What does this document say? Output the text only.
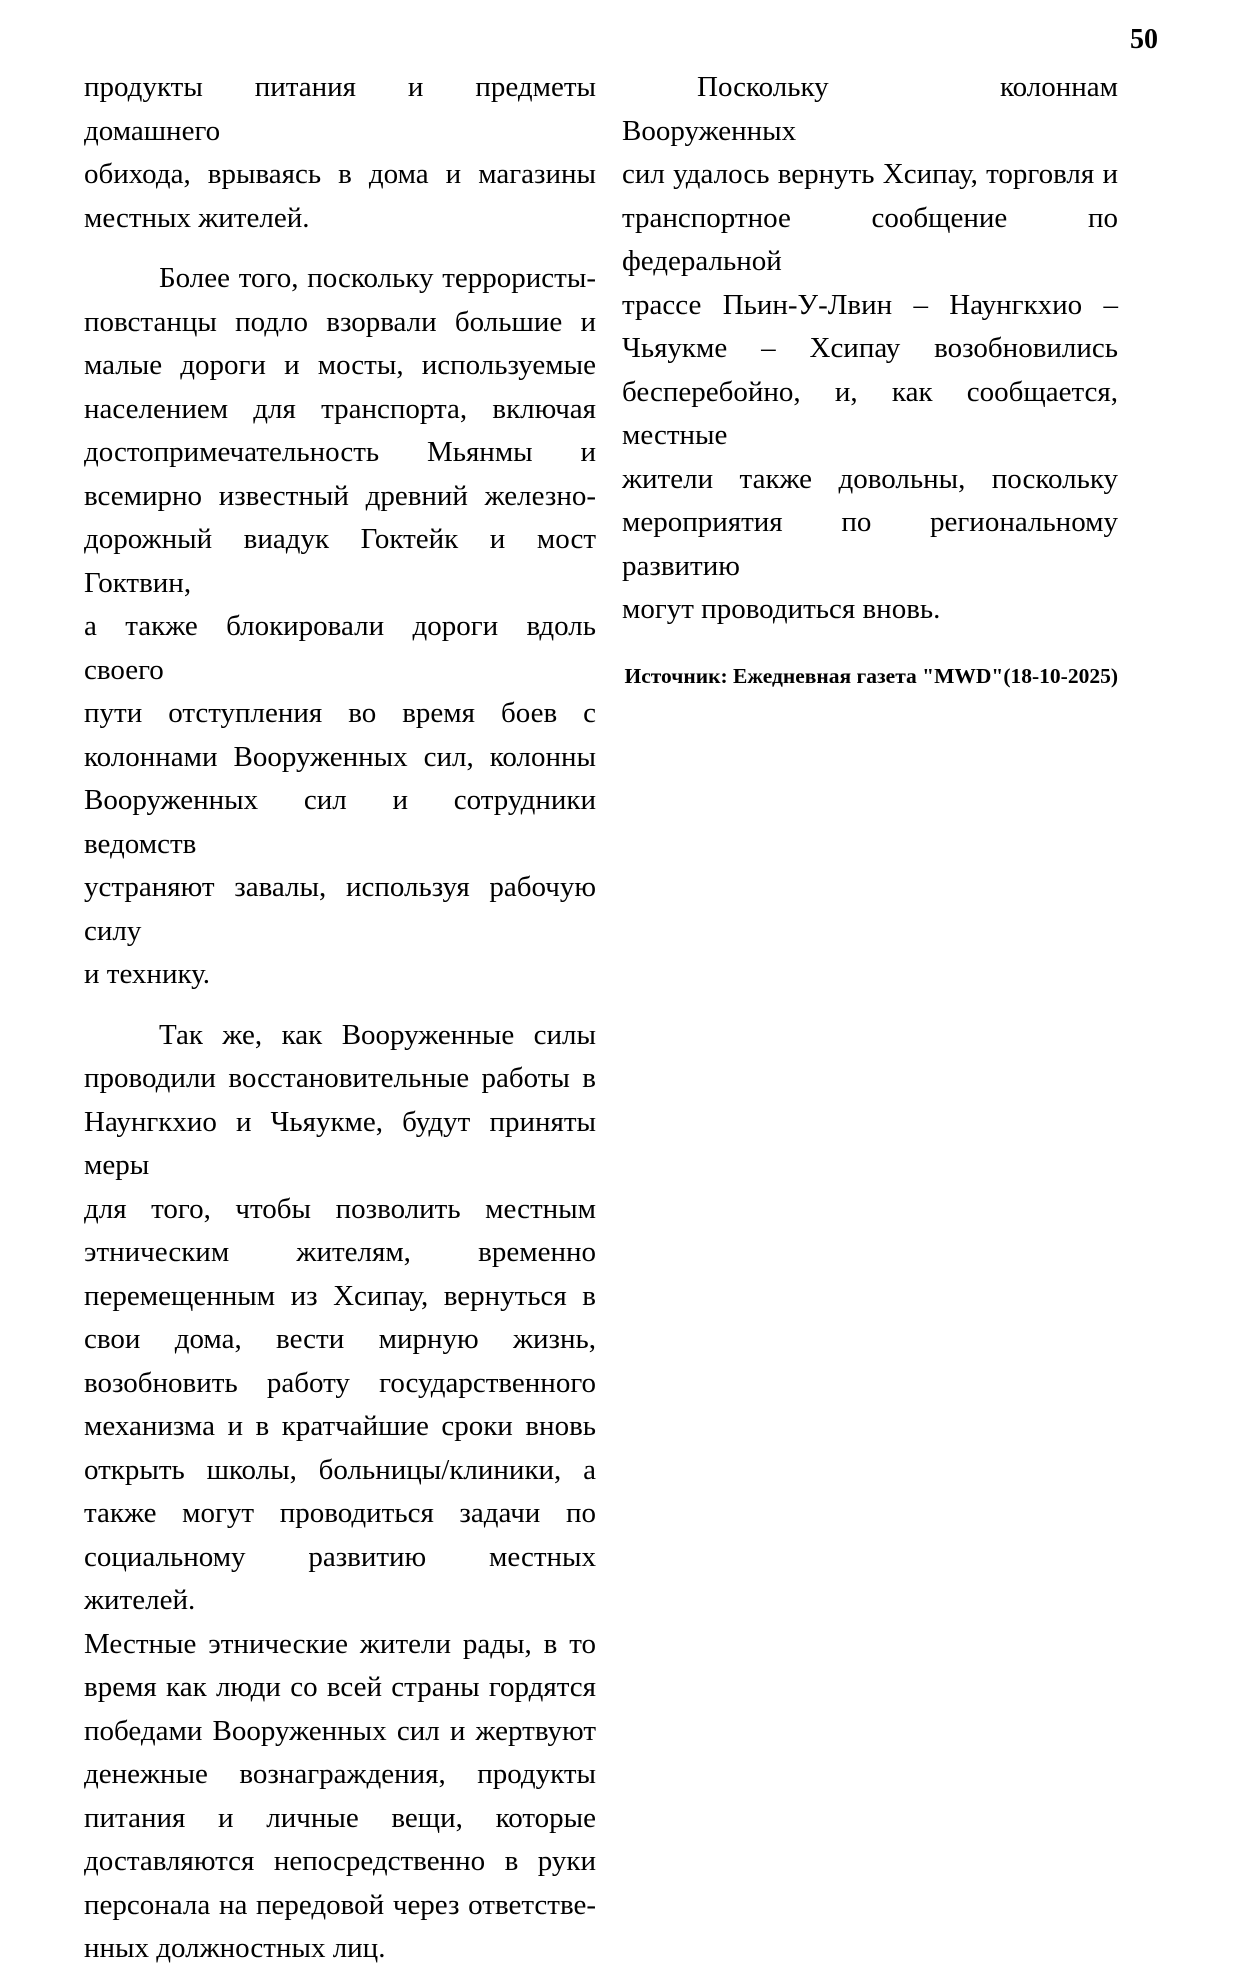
50
продукты питания и предметы домашнего
обихода, врываясь в дома и магазины
местных жителей.
Более того, поскольку террористы-
повстанцы подло взорвали большие и
малые дороги и мосты, используемые
населением для транспорта, включая
достопримечательность Мьянмы и
всемирно известный древний железно-
дорожный виадук Гоктейк и мост Гоктвин,
а также блокировали дороги вдоль своего
пути отступления во время боев с
колоннами Вооруженных сил, колонны
Вооруженных сил и сотрудники ведомств
устраняют завалы, используя рабочую силу
и технику.
Так же, как Вооруженные силы
проводили восстановительные работы в
Наунгкхио и Чьяукме, будут приняты меры
для того, чтобы позволить местным
этническим жителям, временно
перемещенным из Хсипау, вернуться в
свои дома, вести мирную жизнь,
возобновить работу государственного
механизма и в кратчайшие сроки вновь
открыть школы, больницы/клиники, а
также могут проводиться задачи по
социальному развитию местных жителей.
Местные этнические жители рады, в то
время как люди со всей страны гордятся
победами Вооруженных сил и жертвуют
денежные вознаграждения, продукты
питания и личные вещи, которые
доставляются непосредственно в руки
персонала на передовой через ответстве-
нных должностных лиц.
Поскольку колоннам Вооруженных
сил удалось вернуть Хсипау, торговля и
транспортное сообщение по федеральной
трассе Пьин-У-Лвин – Наунгкхио –
Чьяукме – Хсипау возобновились
бесперебойно, и, как сообщается, местные
жители также довольны, поскольку
мероприятия по региональному развитию
могут проводиться вновь.
Источник: Ежедневная газета "MWD"(18-10-2025)
